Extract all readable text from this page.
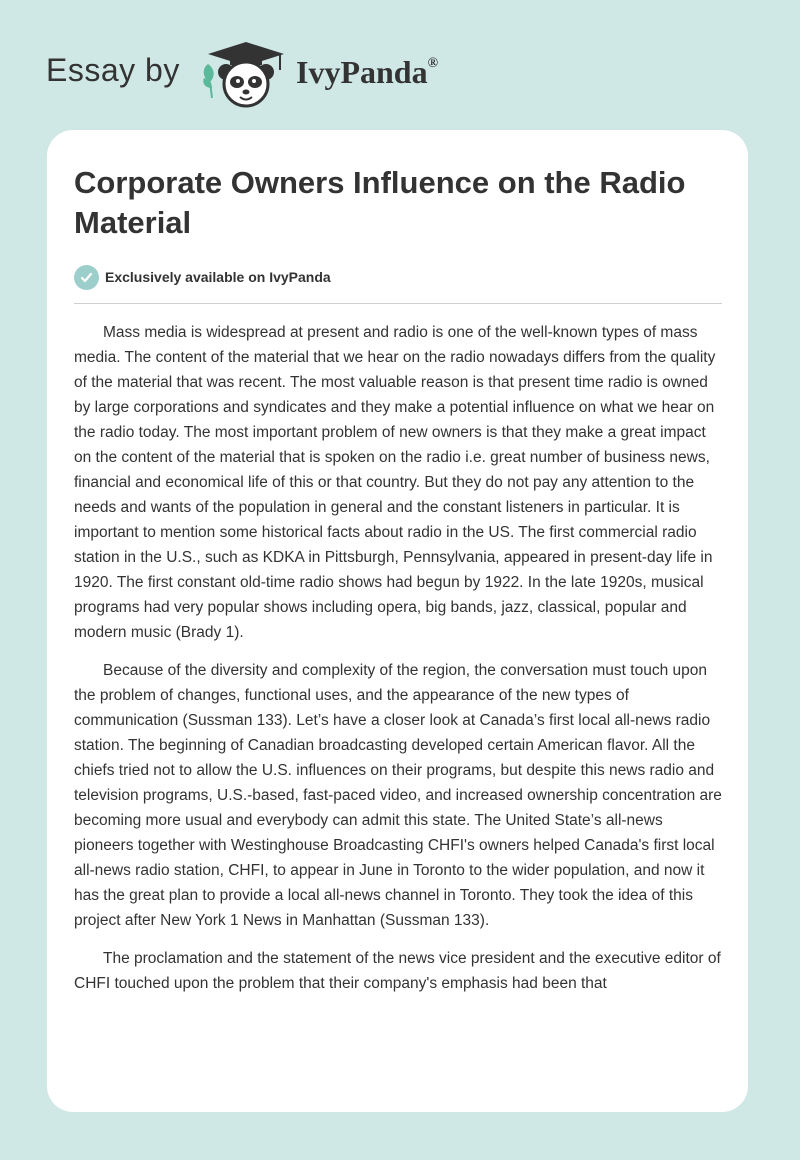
Essay by	IvyPanda®
Corporate Owners Influence on the Radio Material
Exclusively available on IvyPanda

Mass media is widespread at present and radio is one of the well-known types of mass media. The content of the material that we hear on the radio nowadays differs from the quality of the material that was recent. The most valuable reason is that present time radio is owned by large corporations and syndicates and they make a potential influence on what we hear on the radio today. The most important problem of new owners is that they make a great impact on the content of the material that is spoken on the radio i.e. great number of business news, financial and economical life of this or that country. But they do not pay any attention to the needs and wants of the population in general and the constant listeners in particular. It is important to mention some historical facts about radio in the US. The first commercial radio station in the U.S., such as KDKA in Pittsburgh, Pennsylvania, appeared in present-day life in 1920. The first constant old-time radio shows had begun by 1922. In the late 1920s, musical programs had very popular shows including opera, big bands, jazz, classical, popular and modern music (Brady 1).

Because of the diversity and complexity of the region, the conversation must touch upon the problem of changes, functional uses, and the appearance of the new types of communication (Sussman 133). Let’s have a closer look at Canada’s first local all-news radio station. The beginning of Canadian broadcasting developed certain American flavor. All the chiefs tried not to allow the U.S. influences on their programs, but despite this news radio and television programs, U.S.-based, fast-paced video, and increased ownership concentration are becoming more usual and everybody can admit this state. The United State’s all-news pioneers together with Westinghouse Broadcasting CHFI's owners helped Canada's first local all-news radio station, CHFI, to appear in June in Toronto to the wider population, and now it has the great plan to provide a local all-news channel in Toronto. They took the idea of this project after New York 1 News in Manhattan (Sussman 133).

The proclamation and the statement of the news vice president and the executive editor of CHFI touched upon the problem that their company's emphasis had been that
